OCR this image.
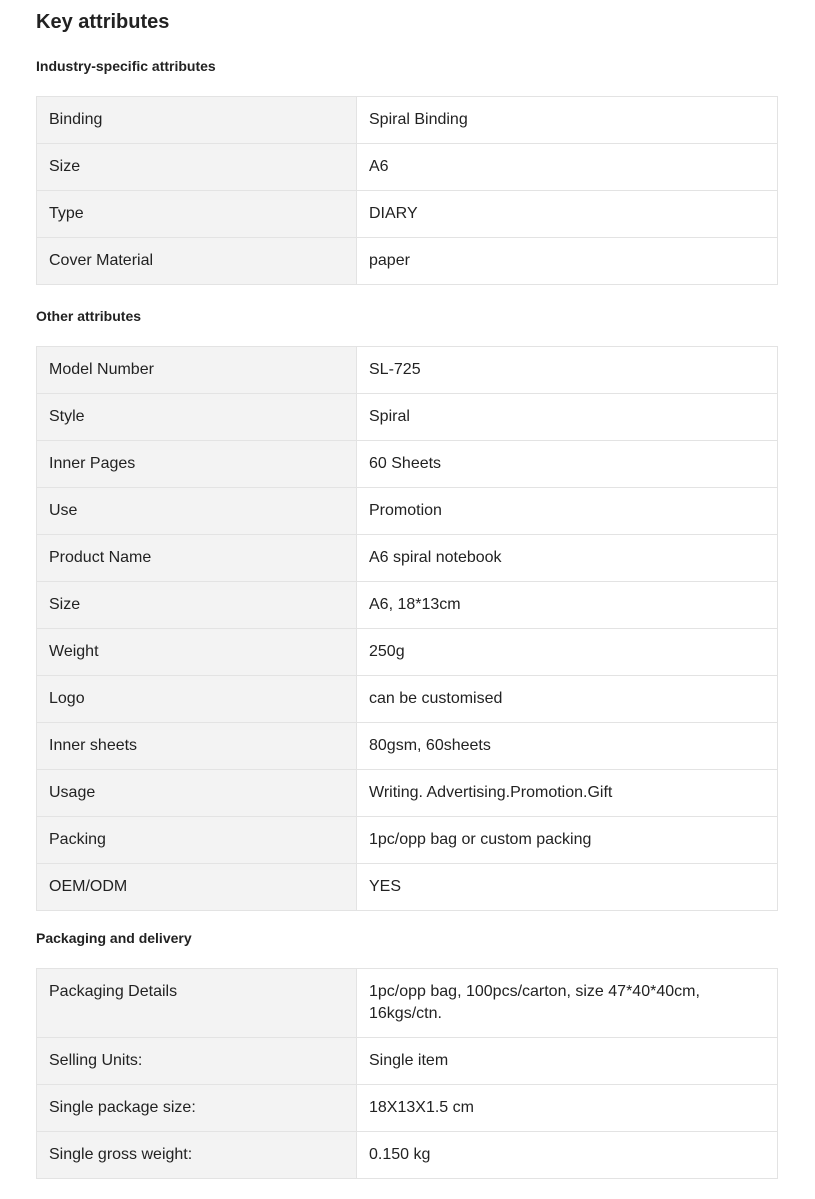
Key attributes
Industry-specific attributes
Binding	Spiral Binding
Size	A6
Type	DIARY
Cover Material	paper
Other attributes
Model Number	SL-725
Style	Spiral
Inner Pages	60 Sheets
Use	Promotion
Product Name	A6 spiral notebook
Size	A6, 18*13cm
Weight	250g
Logo	can be customised
Inner sheets	80gsm, 60sheets
Usage	Writing. Advertising.Promotion.Gift
Packing	1pc/opp bag or custom packing
OEM/ODM	YES
Packaging and delivery
Packaging Details	1pc/opp bag, 100pcs/carton, size 47*40*40cm, 16kgs/ctn.
Selling Units:	Single item
Single package size:	18X13X1.5 cm
Single gross weight:	0.150 kg
